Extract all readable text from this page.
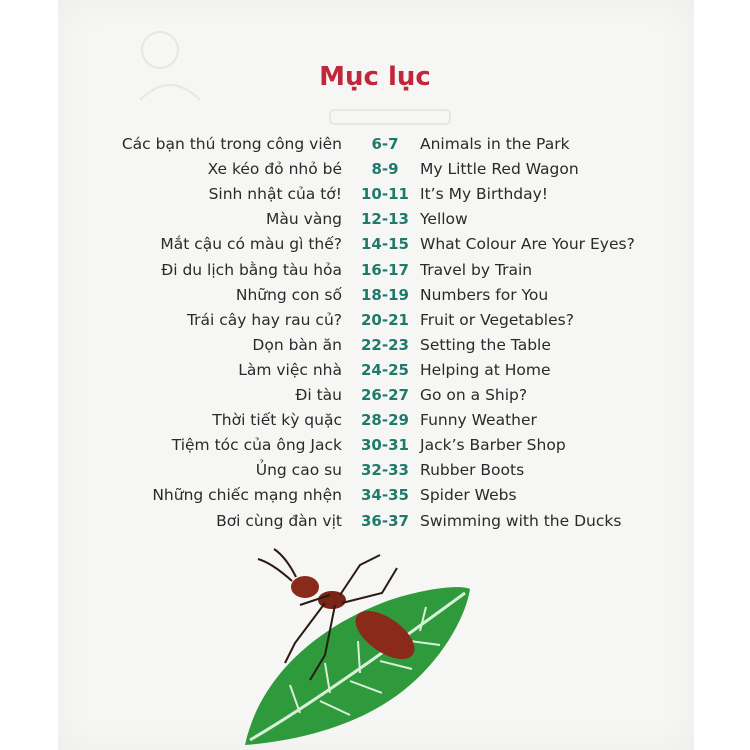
Mục lục
Các bạn thú trong công viên	6-7	Animals in the Park
Xe kéo đỏ nhỏ bé	8-9	My Little Red Wagon
Sinh nhật của tớ!	10-11 It’s My Birthday!
Màu vàng	12-13 Yellow
Mắt cậu có màu gì thế?	14-15 What Colour Are Your Eyes?
Đi du lịch bằng tàu hỏa	16-17 Travel by Train
Những con số	18-19 Numbers for You
Trái cây hay rau củ?	20-21 Fruit or Vegetables?
Dọn bàn ăn	22-23 Setting the Table
Làm việc nhà	24-25 Helping at Home
Đi tàu	26-27 Go on a Ship?
Thời tiết kỳ quặc	28-29 Funny Weather
Tiệm tóc của ông Jack	30-31 Jack’s Barber Shop
Ủng cao su	32-33 Rubber Boots
Những chiếc mạng nhện	34-35 Spider Webs
Bơi cùng đàn vịt	36-37 Swimming with the Ducks
